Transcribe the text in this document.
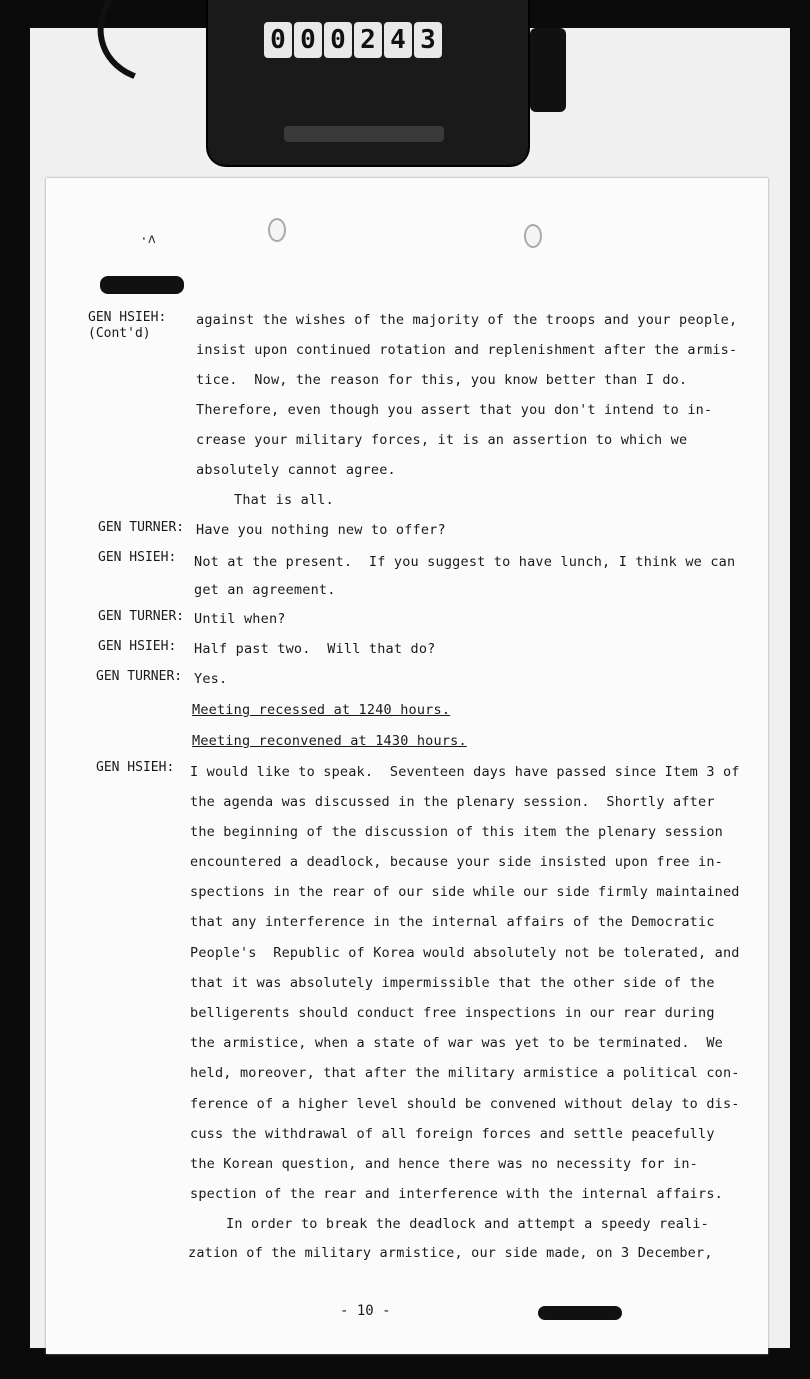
0 0 0 2 4 3
·ʌ
GEN HSIEH:
(Cont'd)
against the wishes of the majority of the troops and your people,
insist upon continued rotation and replenishment after the armis-
tice.  Now, the reason for this, you know better than I do.
Therefore, even though you assert that you don't intend to in-
crease your military forces, it is an assertion to which we
absolutely cannot agree.
That is all.
GEN TURNER: Have you nothing new to offer?
GEN HSIEH: Not at the present.  If you suggest to have lunch, I think we can
get an agreement.
GEN TURNER: Until when?
GEN HSIEH: Half past two.  Will that do?
GEN TURNER: Yes.
Meeting recessed at 1240 hours.
Meeting reconvened at 1430 hours.
GEN HSIEH: I would like to speak.  Seventeen days have passed since Item 3 of
the agenda was discussed in the plenary session.  Shortly after
the beginning of the discussion of this item the plenary session
encountered a deadlock, because your side insisted upon free in-
spections in the rear of our side while our side firmly maintained
that any interference in the internal affairs of the Democratic
People's  Republic of Korea would absolutely not be tolerated, and
that it was absolutely impermissible that the other side of the
belligerents should conduct free inspections in our rear during
the armistice, when a state of war was yet to be terminated.  We
held, moreover, that after the military armistice a political con-
ference of a higher level should be convened without delay to dis-
cuss the withdrawal of all foreign forces and settle peacefully
the Korean question, and hence there was no necessity for in-
spection of the rear and interference with the internal affairs.
In order to break the deadlock and attempt a speedy reali-
zation of the military armistice, our side made, on 3 December,
- 10 -
